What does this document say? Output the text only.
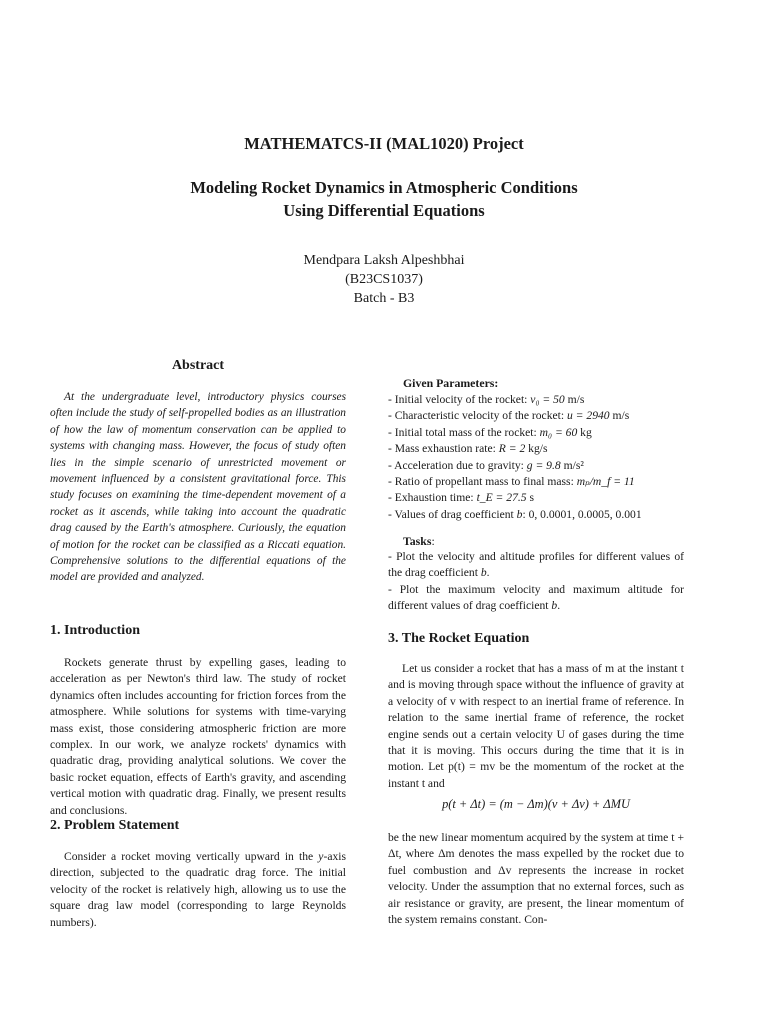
MATHEMATCS-II (MAL1020) Project
Modeling Rocket Dynamics in Atmospheric Conditions
Using Differential Equations
Mendpara Laksh Alpeshbhai
(B23CS1037)
Batch - B3
Abstract

At the undergraduate level, introductory physics courses often include the study of self-propelled bodies as an illustration of how the law of momentum conservation can be applied to systems with changing mass. However, the focus of study often lies in the simple scenario of unrestricted movement or movement influenced by a consistent gravitational force. This study focuses on examining the time-dependent movement of a rocket as it ascends, while taking into account the quadratic drag caused by the Earth's atmosphere. Curiously, the equation of motion for the rocket can be classified as a Riccati equation. Comprehensive solutions to the differential equations of the model are provided and analyzed.

1. Introduction

Rockets generate thrust by expelling gases, leading to acceleration as per Newton's third law. The study of rocket dynamics often includes accounting for friction forces from the atmosphere. While solutions for systems with time-varying mass exist, those considering atmospheric friction are more complex. In our work, we analyze rockets' dynamics with quadratic drag, providing analytical solutions. We cover the basic rocket equation, effects of Earth's gravity, and ascending vertical motion with quadratic drag. Finally, we present results and conclusions.

2. Problem Statement

Consider a rocket moving vertically upward in the y-axis direction, subjected to the quadratic drag force. The initial velocity of the rocket is relatively high, allowing us to use the square drag law model (corresponding to large Reynolds numbers).

Given Parameters:
- Initial velocity of the rocket: v₀ = 50 m/s
- Characteristic velocity of the rocket: u = 2940 m/s
- Initial total mass of the rocket: m₀ = 60 kg
- Mass exhaustion rate: R = 2 kg/s
- Acceleration due to gravity: g = 9.8 m/s²
- Ratio of propellant mass to final mass: mₚ/m_f = 11
- Exhaustion time: t_E = 27.5 s
- Values of drag coefficient b: 0, 0.0001, 0.0005, 0.001
Tasks:
- Plot the velocity and altitude profiles for different values of the drag coefficient b.
- Plot the maximum velocity and maximum altitude for different values of drag coefficient b.
3. The Rocket Equation

Let us consider a rocket that has a mass of m at the instant t and is moving through space without the influence of gravity at a velocity of v with respect to an inertial frame of reference. In relation to the same inertial frame of reference, the rocket engine sends out a certain velocity U of gases during the time that it is moving. This occurs during the time that it is in motion. Let p(t) = mv be the momentum of the rocket at the instant t and

p(t + Δt) = (m − Δm)(v + Δv) + ΔMU

be the new linear momentum acquired by the system at time t + Δt, where Δm denotes the mass expelled by the rocket due to fuel combustion and Δv represents the increase in rocket velocity. Under the assumption that no external forces, such as air resistance or gravity, are present, the linear momentum of the system remains constant. Con-
